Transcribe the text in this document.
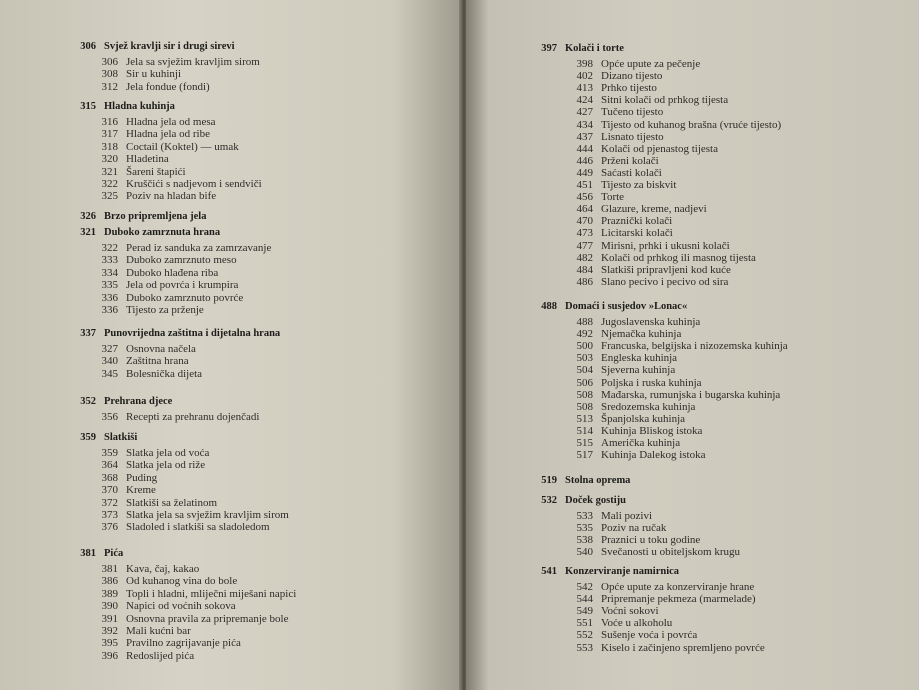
306 Svjež kravlji sir i drugi sirevi
306 Jela sa svježim kravljim sirom
308 Sir u kuhinji
312 Jela fondue (fondi)
315 Hladna kuhinja
316 Hladna jela od mesa
317 Hladna jela od ribe
318 Coctail (Koktel) — umak
320 Hladetina
321 Šareni štapići
322 Kruščići s nadjevom i sendviči
325 Poziv na hladan bife
326 Brzo pripremljena jela
321 Duboko zamrznuta hrana
322 Perad iz sanduka za zamrzavanje
333 Duboko zamrznuto meso
334 Duboko hlađena riba
335 Jela od povrća i krumpira
336 Duboko zamrznuto povrće
336 Tijesto za prženje
337 Punovrijedna zaštitna i dijetalna hrana
327 Osnovna načela
340 Zaštitna hrana
345 Bolesnička dijeta
352 Prehrana djece
356 Recepti za prehranu dojenčadi
359 Slatkiši
359 Slatka jela od voća
364 Slatka jela od riže
368 Puding
370 Kreme
372 Slatkiši sa želatinom
373 Slatka jela sa svježim kravljim sirom
376 Sladoled i slatkiši sa sladoledom
381 Pića
381 Kava, čaj, kakao
386 Od kuhanog vina do bole
389 Topli i hladni, mliječni miješani napici
390 Napici od voćnih sokova
391 Osnovna pravila za pripremanje bole
392 Mali kućni bar
395 Pravilno zagrijavanje pića
396 Redoslijed pića
397 Kolači i torte
398 Opće upute za pečenje
402 Dizano tijesto
413 Prhko tijesto
424 Sitni kolači od prhkog tijesta
427 Tučeno tijesto
434 Tijesto od kuhanog brašna (vruće tijesto)
437 Lisnato tijesto
444 Kolači od pjenastog tijesta
446 Prženi kolači
449 Saćasti kolači
451 Tijesto za biskvit
456 Torte
464 Glazure, kreme, nadjevi
470 Praznički kolači
473 Licitarski kolači
477 Mirisni, prhki i ukusni kolači
482 Kolači od prhkog ili masnog tijesta
484 Slatkiši pripravljeni kod kuće
486 Slano pecivo i pecivo od sira
488 Domaći i susjedov »Lonac«
488 Jugoslavenska kuhinja
492 Njemačka kuhinja
500 Francuska, belgijska i nizozemska kuhinja
503 Engleska kuhinja
504 Sjeverna kuhinja
506 Poljska i ruska kuhinja
508 Mađarska, rumunjska i bugarska kuhinja
508 Sredozemska kuhinja
513 Španjolska kuhinja
514 Kuhinja Bliskog istoka
515 Američka kuhinja
517 Kuhinja Dalekog istoka
519 Stolna oprema
532 Doček gostiju
533 Mali pozivi
535 Poziv na ručak
538 Praznici u toku godine
540 Svečanosti u obiteljskom krugu
541 Konzerviranje namirnica
542 Opće upute za konzerviranje hrane
544 Pripremanje pekmeza (marmelade)
549 Voćni sokovi
551 Voće u alkoholu
552 Sušenje voća i povrća
553 Kiselo i začinjeno spremljeno povrće
